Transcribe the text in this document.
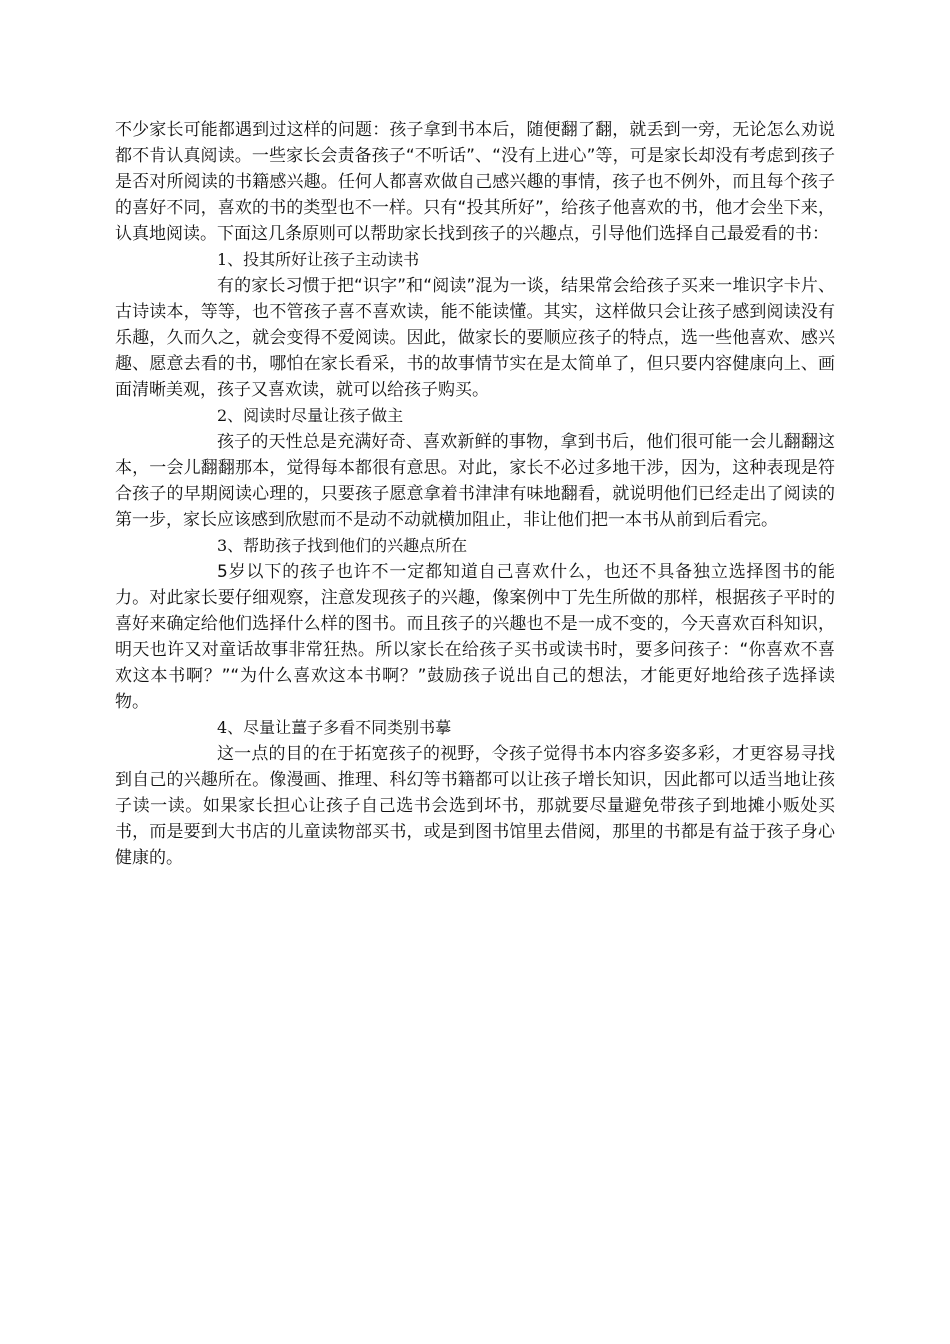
不少家长可能都遇到过这样的问题：孩子拿到书本后，随便翻了翻，就丢到一旁，无论怎么劝说都不肯认真阅读。一些家长会责备孩子“不听话”、“没有上进心”等，可是家长却没有考虑到孩子是否对所阅读的书籍感兴趣。任何人都喜欢做自己感兴趣的事情，孩子也不例外，而且每个孩子的喜好不同，喜欢的书的类型也不一样。只有“投其所好”，给孩子他喜欢的书，他才会坐下来，认真地阅读。下面这几条原则可以帮助家长找到孩子的兴趣点，引导他们选择自己最爱看的书：

1、投其所好让孩子主动读书

有的家长习惯于把“识字”和“阅读”混为一谈，结果常会给孩子买来一堆识字卡片、古诗读本，等等，也不管孩子喜不喜欢读，能不能读懂。其实，这样做只会让孩子感到阅读没有乐趣，久而久之，就会变得不爱阅读。因此，做家长的要顺应孩子的特点，选一些他喜欢、感兴趣、愿意去看的书，哪怕在家长看采，书的故事情节实在是太简单了，但只要内容健康向上、画面清晰美观，孩子又喜欢读，就可以给孩子购买。

2、阅读时尽量让孩子做主

孩子的天性总是充满好奇、喜欢新鲜的事物，拿到书后，他们很可能一会儿翻翻这本，一会儿翻翻那本，觉得每本都很有意思。对此，家长不必过多地干涉，因为，这种表现是符合孩子的早期阅读心理的，只要孩子愿意拿着书津津有味地翻看，就说明他们已经走出了阅读的第一步，家长应该感到欣慰而不是动不动就横加阻止，非让他们把一本书从前到后看完。

3、帮助孩子找到他们的兴趣点所在

5岁以下的孩子也许不一定都知道自己喜欢什么，也还不具备独立选择图书的能力。对此家长要仔细观察，注意发现孩子的兴趣，像案例中丁先生所做的那样，根据孩子平时的喜好来确定给他们选择什么样的图书。而且孩子的兴趣也不是一成不变的，今天喜欢百科知识，明天也许又对童话故事非常狂热。所以家长在给孩子买书或读书时，要多问孩子：“你喜欢不喜欢这本书啊？”“为什么喜欢这本书啊？”鼓励孩子说出自己的想法，才能更好地给孩子选择读物。

4、尽量让薑子多看不同类别书摹

这一点的目的在于拓宽孩子的视野，令孩子觉得书本内容多姿多彩，才更容易寻找到自己的兴趣所在。像漫画、推理、科幻等书籍都可以让孩子增长知识，因此都可以适当地让孩子读一读。如果家长担心让孩子自己选书会选到坏书，那就要尽量避免带孩子到地摊小贩处买书，而是要到大书店的儿童读物部买书，或是到图书馆里去借阅，那里的书都是有益于孩子身心健康的。
